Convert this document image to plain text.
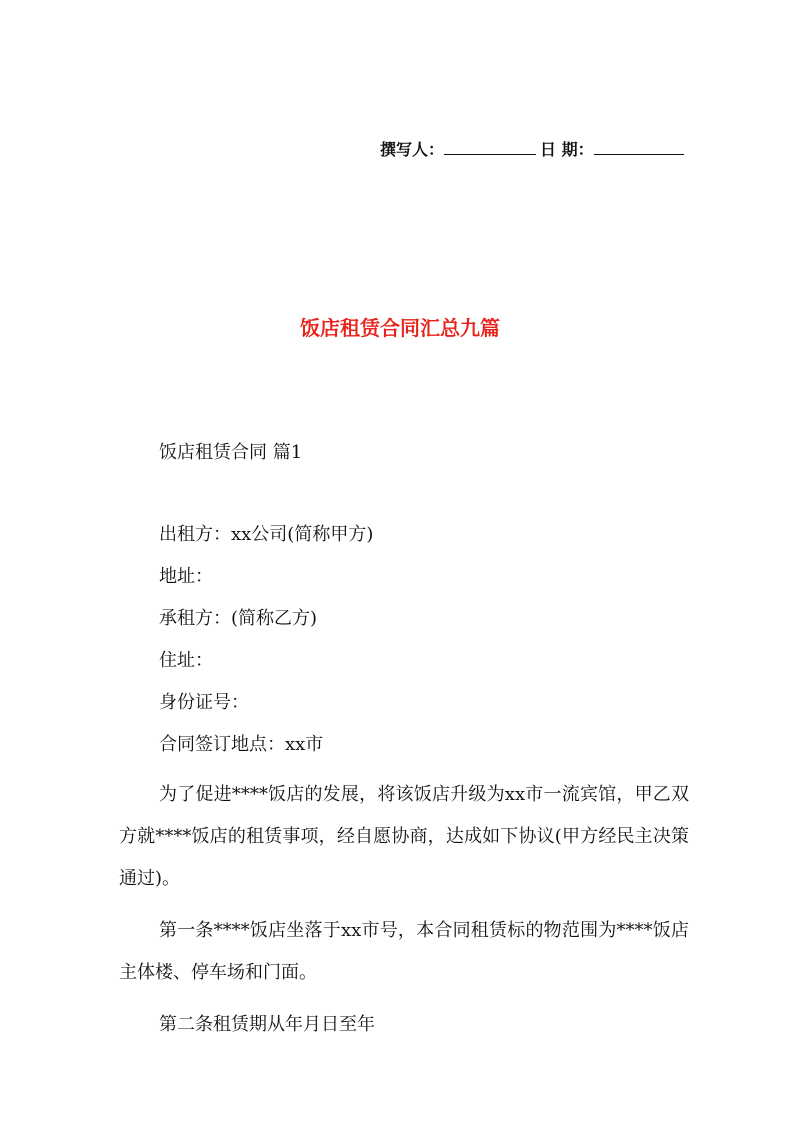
撰写人：	日 期：
饭店租赁合同汇总九篇
饭店租赁合同 篇1

出租方：xx公司(简称甲方)

地址：

承租方：(简称乙方)

住址：

身份证号：

合同签订地点：xx市

为了促进****饭店的发展，将该饭店升级为xx市一流宾馆，甲乙双方就****饭店的租赁事项，经自愿协商，达成如下协议(甲方经民主决策通过)。

第一条****饭店坐落于xx市号，本合同租赁标的物范围为****饭店主体楼、停车场和门面。

第二条租赁期从年月日至年
